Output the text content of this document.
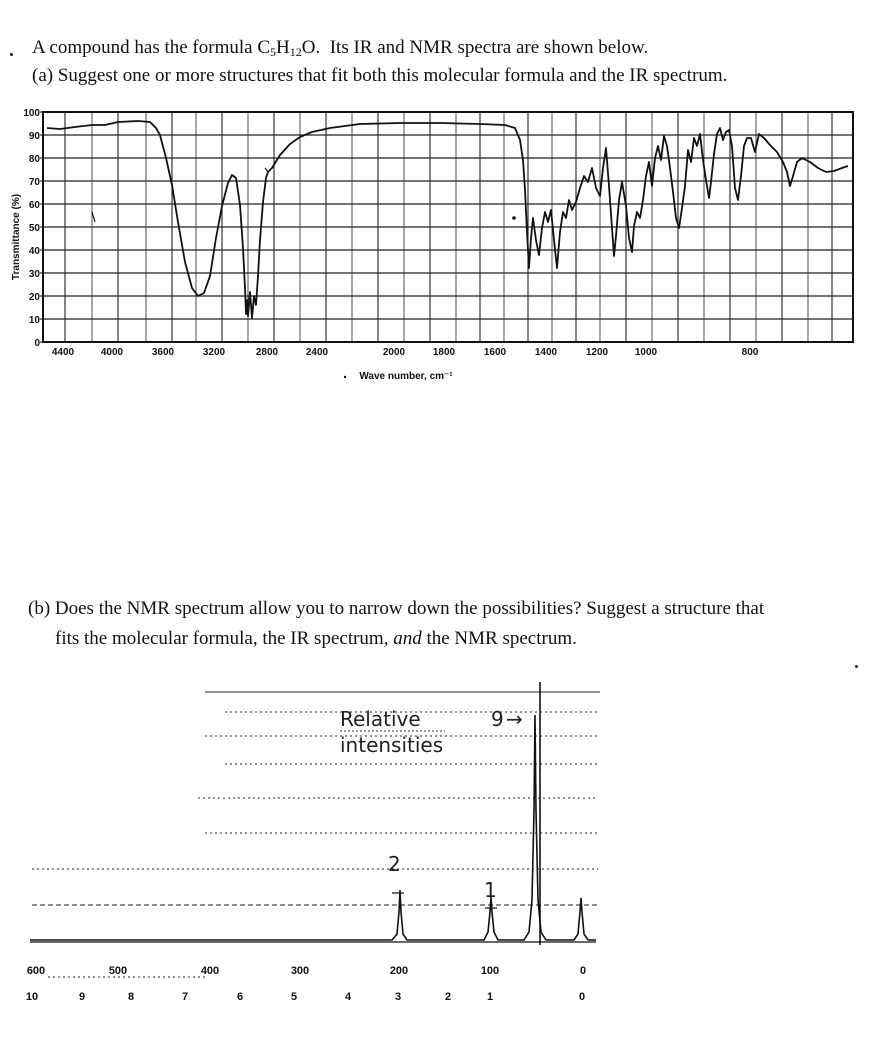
A compound has the formula $C_5H_{12}O$. Its IR and NMR spectra are shown below.
(a) Suggest one or more structures that fit both this molecular formula and the IR spectrum.
(b) Does the NMR spectrum allow you to narrow down the possibilities? Suggest a structure that
fits the molecular formula, the IR spectrum, and the NMR spectrum.
100
90
80
70
60
50
40
30
20
10
0
4400	4000	3600	3200	2800	2400	2000	1800	1600	1400	1200	1000	800
Transmittance (%)
Wave number, cm⁻¹
Relative
intensities
2
1
9 →
600	500	400	300	200	100	0
10	9	8	7	6	5	4	3	2	1	0
